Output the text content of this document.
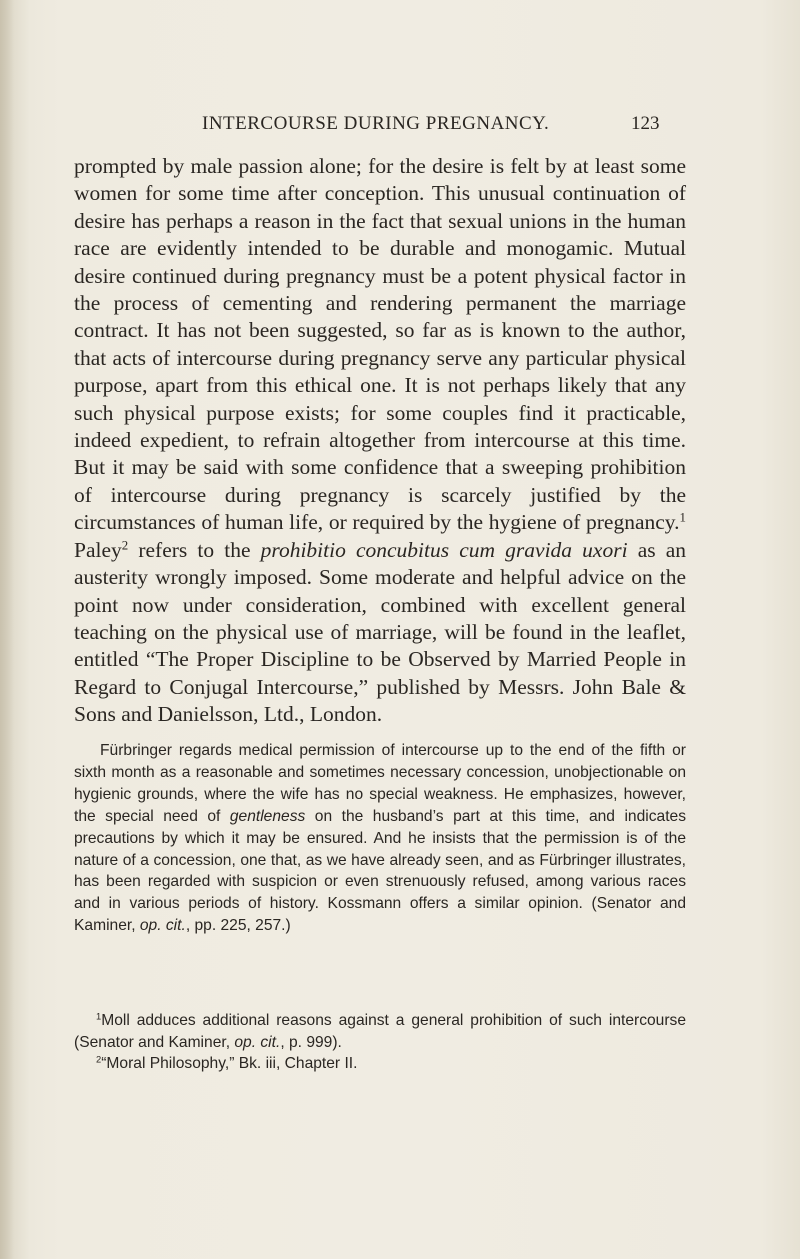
INTERCOURSE DURING PREGNANCY.	123

prompted by male passion alone; for the desire is felt by at least some women for some time after conception. This unusual continuation of desire has perhaps a reason in the fact that sexual unions in the human race are evidently intended to be durable and monogamic. Mutual desire continued during pregnancy must be a potent physical factor in the process of cementing and rendering permanent the marriage contract. It has not been suggested, so far as is known to the author, that acts of intercourse during pregnancy serve any particular physical purpose, apart from this ethical one. It is not perhaps likely that any such physical purpose exists; for some couples find it practicable, indeed expedient, to refrain altogether from intercourse at this time. But it may be said with some confidence that a sweeping prohibition of intercourse during pregnancy is scarcely justified by the circumstances of human life, or required by the hygiene of pregnancy.$^1$ Paley$^2$ refers to the prohibitio concubitus cum gravida uxori as an austerity wrongly imposed. Some moderate and helpful advice on the point now under consideration, combined with excellent general teaching on the physical use of marriage, will be found in the leaflet, entitled “The Proper Discipline to be Observed by Married People in Regard to Conjugal Intercourse,” published by Messrs. John Bale & Sons and Danielsson, Ltd., London.

Fürbringer regards medical permission of intercourse up to the end of the fifth or sixth month as a reasonable and sometimes necessary concession, unobjectionable on hygienic grounds, where the wife has no special weakness. He emphasizes, however, the special need of gentleness on the husband’s part at this time, and indicates precautions by which it may be ensured. And he insists that the permission is of the nature of a concession, one that, as we have already seen, and as Fürbringer illustrates, has been regarded with suspicion or even strenuously refused, among various races and in various periods of history. Kossmann offers a similar opinion. (Senator and Kaminer, op. cit., pp. 225, 257.)

$^1$Moll adduces additional reasons against a general prohibition of such intercourse (Senator and Kaminer, op. cit., p. 999).

$^2$“Moral Philosophy,” Bk. iii, Chapter II.
